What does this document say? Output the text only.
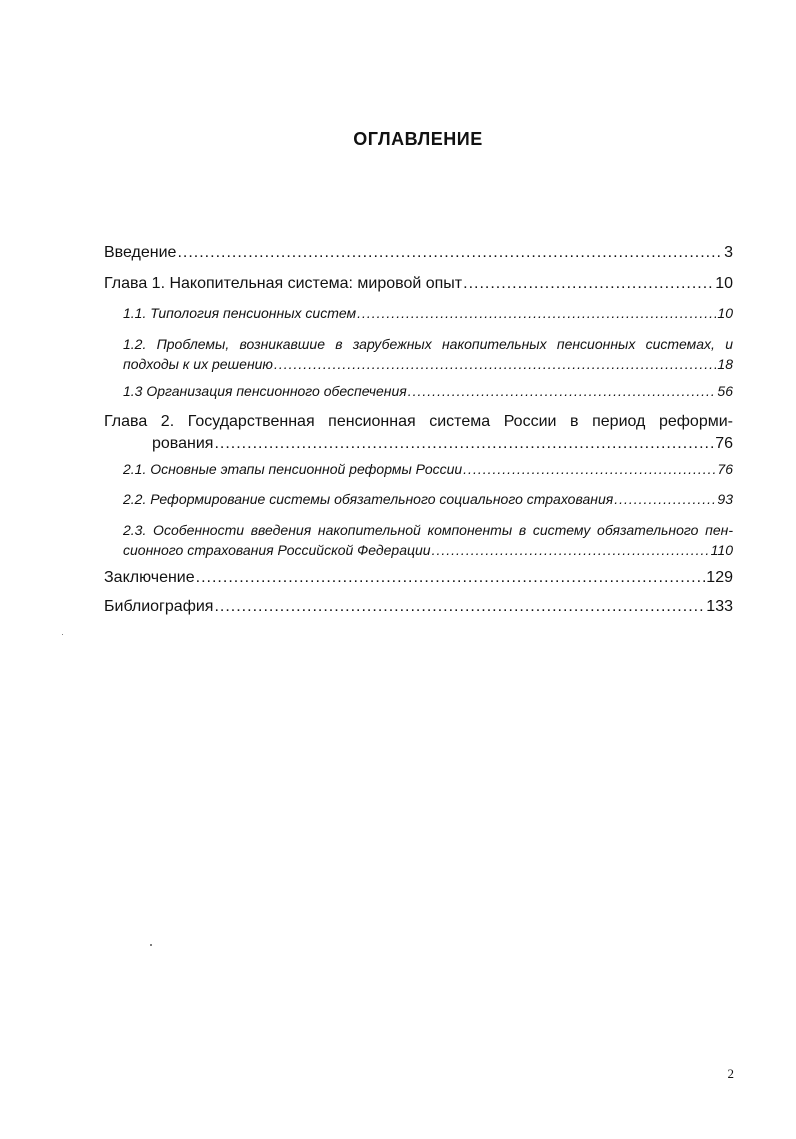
ОГЛАВЛЕНИЕ
Введение .....	3
Глава 1. Накопительная система: мировой опыт .....	10
1.1. Типология пенсионных систем .....	10
1.2. Проблемы, возникавшие в зарубежных накопительных пенсионных системах, и
подходы к их решению .....	18
1.3 Организация пенсионного обеспечения .....	56
Глава 2. Государственная пенсионная система России в период реформи-
рования .....	76
2.1. Основные этапы пенсионной реформы России .....	76
2.2. Реформирование системы обязательного социального страхования .....	93
2.3. Особенности введения накопительной компоненты в систему обязательного пен-
сионного страхования Российской Федерации .....	110
Заключение .....	129
Библиография .....	133
2
